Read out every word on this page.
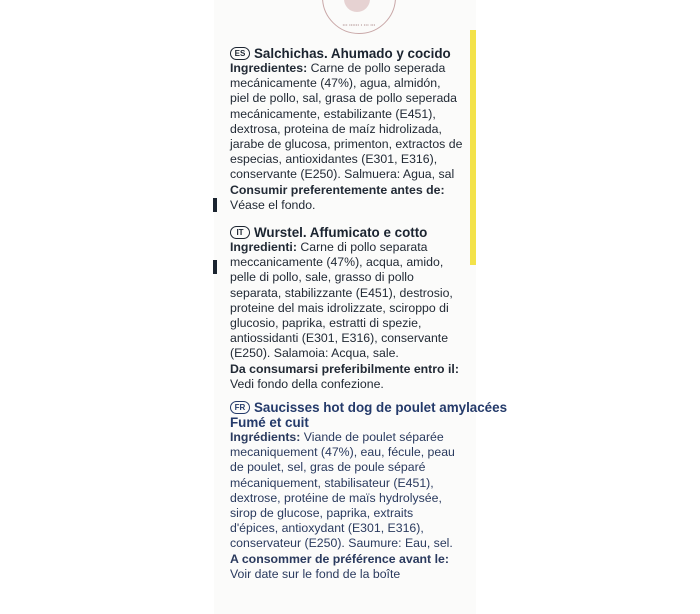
••• •••••• • ••• •••
ES Salchichas. Ahumado y cocido
Ingredientes: Carne de pollo seperada
mecánicamente (47%), agua, almidón,
piel de pollo, sal, grasa de pollo seperada
mecánicamente, estabilizante (E451),
dextrosa, proteina de maíz hidrolizada,
jarabe de glucosa, primenton, extractos de
especias, antioxidantes (E301, E316),
conservante (E250). Salmuera: Agua, sal
Consumir preferentemente antes de:
Véase el fondo.
IT Wurstel. Affumicato e cotto
Ingredienti: Carne di pollo separata
meccanicamente (47%), acqua, amido,
pelle di pollo, sale, grasso di pollo
separata, stabilizzante (E451), destrosio,
proteine del mais idrolizzate, sciroppo di
glucosio, paprika, estratti di spezie,
antiossidanti (E301, E316), conservante
(E250). Salamoia: Acqua, sale.
Da consumarsi preferibilmente entro il:
Vedi fondo della confezione.
FR Saucisses hot dog de poulet amylacées
Fumé et cuit
Ingrédients: Viande de poulet séparée
mecaniquement (47%), eau, fécule, peau
de poulet, sel, gras de poule séparé
mécaniquement, stabilisateur (E451),
dextrose, protéine de maïs hydrolysée,
sirop de glucose, paprika, extraits
d'épices, antioxydant (E301, E316),
conservateur (E250). Saumure: Eau, sel.
A consommer de préférence avant le:
Voir date sur le fond de la boîte
